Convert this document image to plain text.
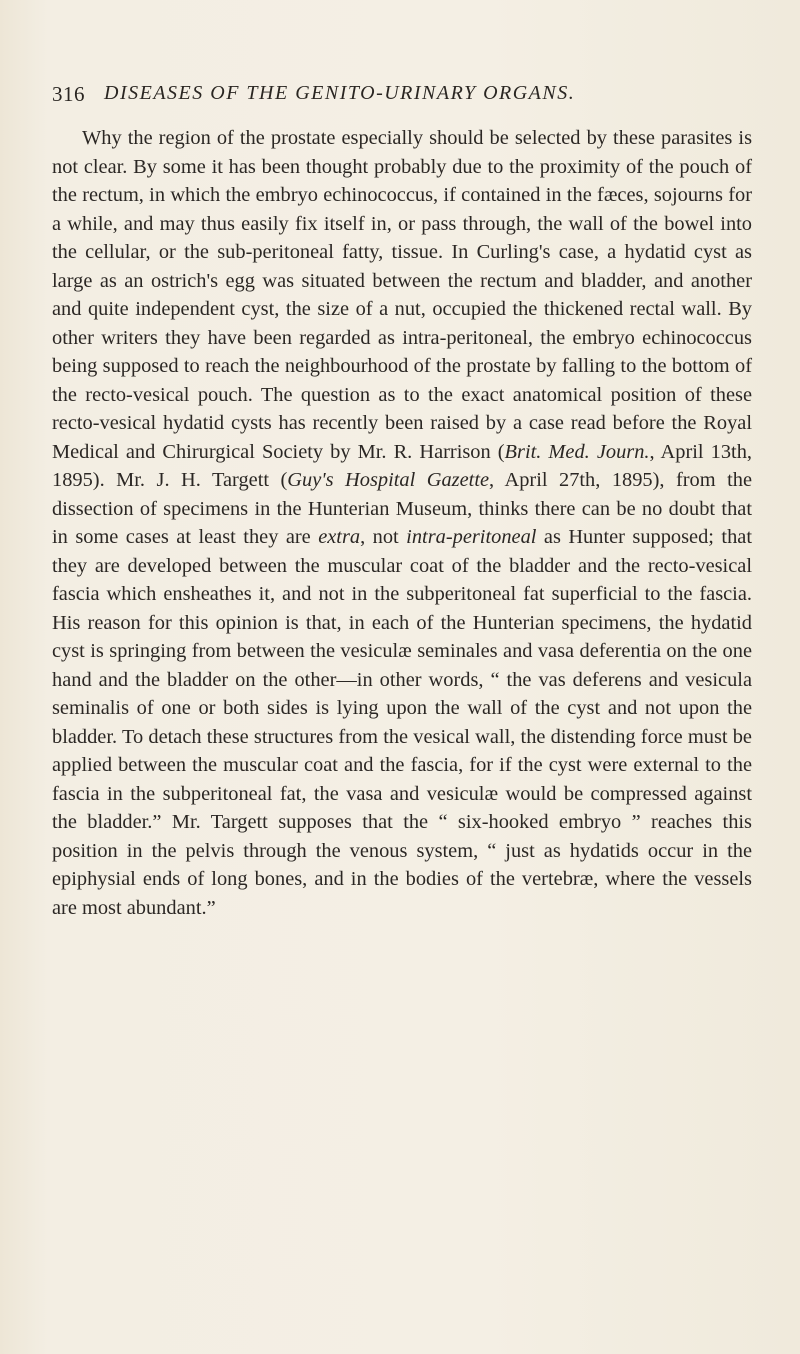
316 DISEASES OF THE GENITO-URINARY ORGANS.

Why the region of the prostate especially should be selected by these parasites is not clear. By some it has been thought probably due to the proximity of the pouch of the rectum, in which the embryo echinococcus, if contained in the fæces, sojourns for a while, and may thus easily fix itself in, or pass through, the wall of the bowel into the cellular, or the sub-peritoneal fatty, tissue. In Curling's case, a hydatid cyst as large as an ostrich's egg was situated between the rectum and bladder, and another and quite independent cyst, the size of a nut, occupied the thickened rectal wall. By other writers they have been regarded as intra-peritoneal, the embryo echinococcus being supposed to reach the neighbourhood of the prostate by falling to the bottom of the recto-vesical pouch. The question as to the exact anatomical position of these recto-vesical hydatid cysts has recently been raised by a case read before the Royal Medical and Chirurgical Society by Mr. R. Harrison (Brit. Med. Journ., April 13th, 1895). Mr. J. H. Targett (Guy's Hospital Gazette, April 27th, 1895), from the dissection of specimens in the Hunterian Museum, thinks there can be no doubt that in some cases at least they are extra, not intra-peritoneal as Hunter supposed; that they are developed between the muscular coat of the bladder and the recto-vesical fascia which ensheathes it, and not in the subperitoneal fat superficial to the fascia. His reason for this opinion is that, in each of the Hunterian specimens, the hydatid cyst is springing from between the vesiculæ seminales and vasa deferentia on the one hand and the bladder on the other—in other words, “ the vas deferens and vesicula seminalis of one or both sides is lying upon the wall of the cyst and not upon the bladder. To detach these structures from the vesical wall, the distending force must be applied between the muscular coat and the fascia, for if the cyst were external to the fascia in the subperitoneal fat, the vasa and vesiculæ would be compressed against the bladder.” Mr. Targett supposes that the “ six-hooked embryo ” reaches this position in the pelvis through the venous system, “ just as hydatids occur in the epiphysial ends of long bones, and in the bodies of the vertebræ, where the vessels are most abundant.”
